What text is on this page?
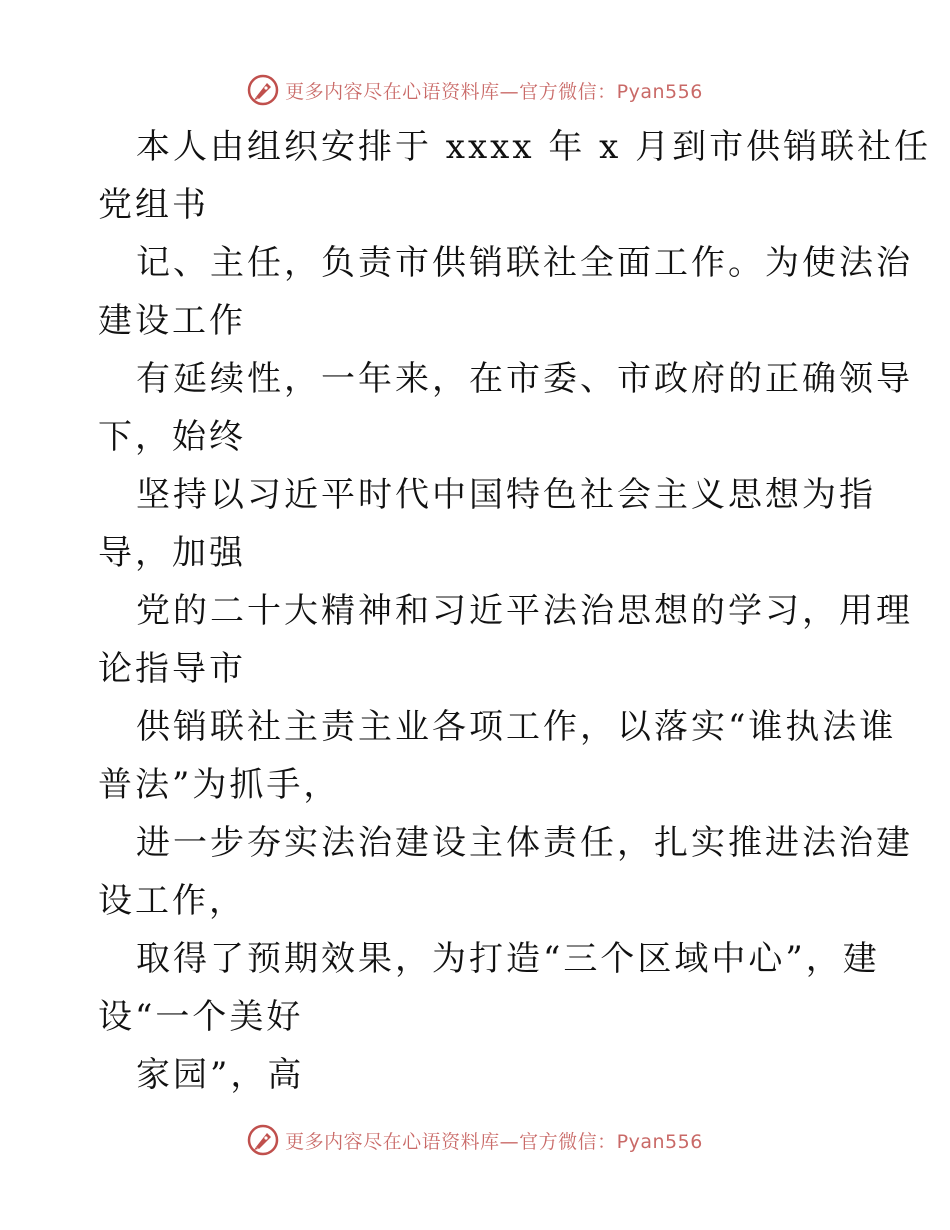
更多内容尽在心语资料库—官方微信：Pyan556
本人由组织安排于 xxxx 年 x 月到市供销联社任
党组书
记、主任，负责市供销联社全面工作。为使法治
建设工作
有延续性，一年来，在市委、市政府的正确领导
下，始终
坚持以习近平时代中国特色社会主义思想为指
导，加强
党的二十大精神和习近平法治思想的学习，用理
论指导市
供销联社主责主业各项工作，以落实“谁执法谁
普法”为抓手，
进一步夯实法治建设主体责任，扎实推进法治建
设工作，
取得了预期效果，为打造“三个区域中心”，建
设“一个美好
家园”，高
更多内容尽在心语资料库—官方微信：Pyan556
